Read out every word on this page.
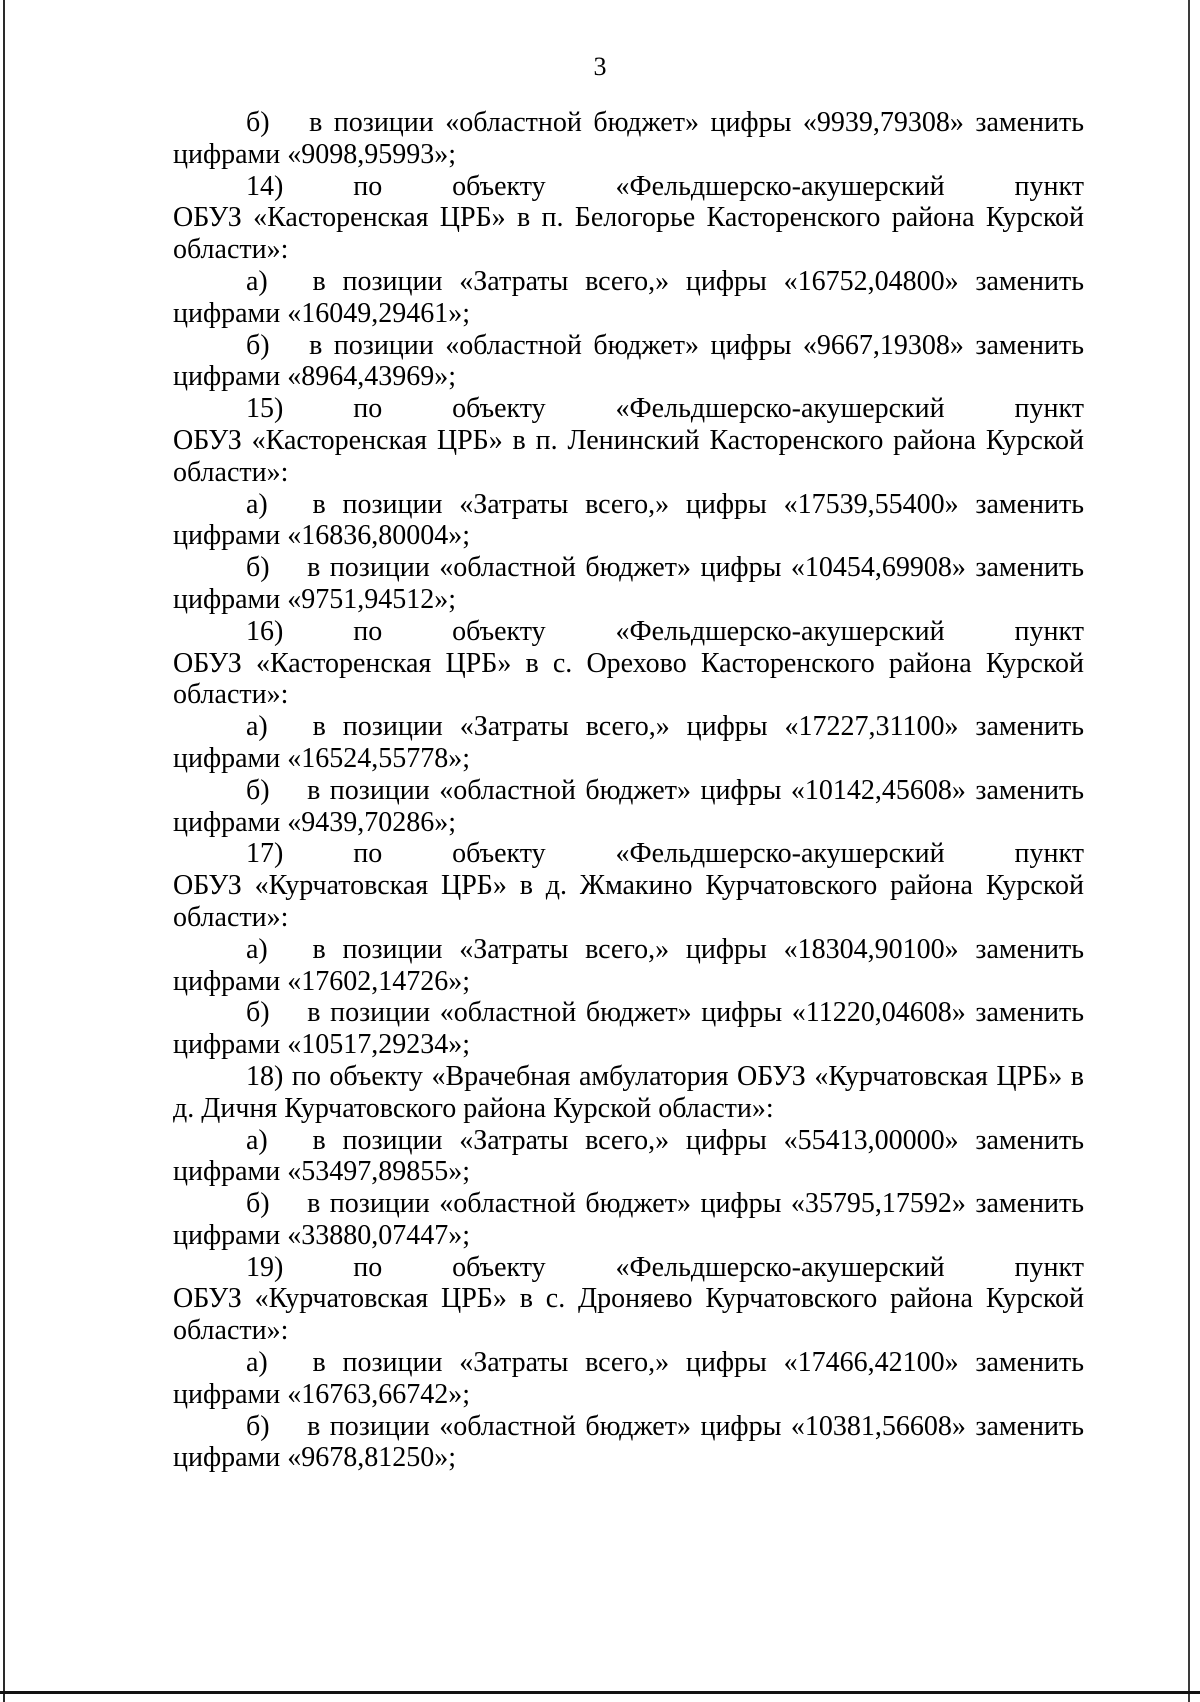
3

б)  в позиции «областной бюджет» цифры «9939,79308» заменить цифрами «9098,95993»;

14) по объекту «Фельдшерско-акушерский пункт
ОБУЗ «Касторенская ЦРБ» в п. Белогорье Касторенского района Курской области»:

а)  в позиции «Затраты всего,» цифры «16752,04800» заменить цифрами «16049,29461»;

б)  в позиции «областной бюджет» цифры «9667,19308» заменить цифрами «8964,43969»;

15) по объекту «Фельдшерско-акушерский пункт
ОБУЗ «Касторенская ЦРБ» в п. Ленинский Касторенского района Курской области»:

а)  в позиции «Затраты всего,» цифры «17539,55400» заменить цифрами «16836,80004»;

б)  в позиции «областной бюджет» цифры «10454,69908» заменить цифрами «9751,94512»;

16) по объекту «Фельдшерско-акушерский пункт
ОБУЗ «Касторенская ЦРБ» в с. Орехово Касторенского района Курской области»:

а)  в позиции «Затраты всего,» цифры «17227,31100» заменить цифрами «16524,55778»;

б)  в позиции «областной бюджет» цифры «10142,45608» заменить цифрами «9439,70286»;

17) по объекту «Фельдшерско-акушерский пункт
ОБУЗ «Курчатовская ЦРБ» в д. Жмакино Курчатовского района Курской области»:

а)  в позиции «Затраты всего,» цифры «18304,90100» заменить цифрами «17602,14726»;

б)  в позиции «областной бюджет» цифры «11220,04608» заменить цифрами «10517,29234»;

18) по объекту «Врачебная амбулатория ОБУЗ «Курчатовская ЦРБ» в д. Дичня Курчатовского района Курской области»:

а)  в позиции «Затраты всего,» цифры «55413,00000» заменить цифрами «53497,89855»;

б)  в позиции «областной бюджет» цифры «35795,17592» заменить цифрами «33880,07447»;

19) по объекту «Фельдшерско-акушерский пункт
ОБУЗ «Курчатовская ЦРБ» в с. Дроняево Курчатовского района Курской области»:

а)  в позиции «Затраты всего,» цифры «17466,42100» заменить цифрами «16763,66742»;

б)  в позиции «областной бюджет» цифры «10381,56608» заменить цифрами «9678,81250»;
